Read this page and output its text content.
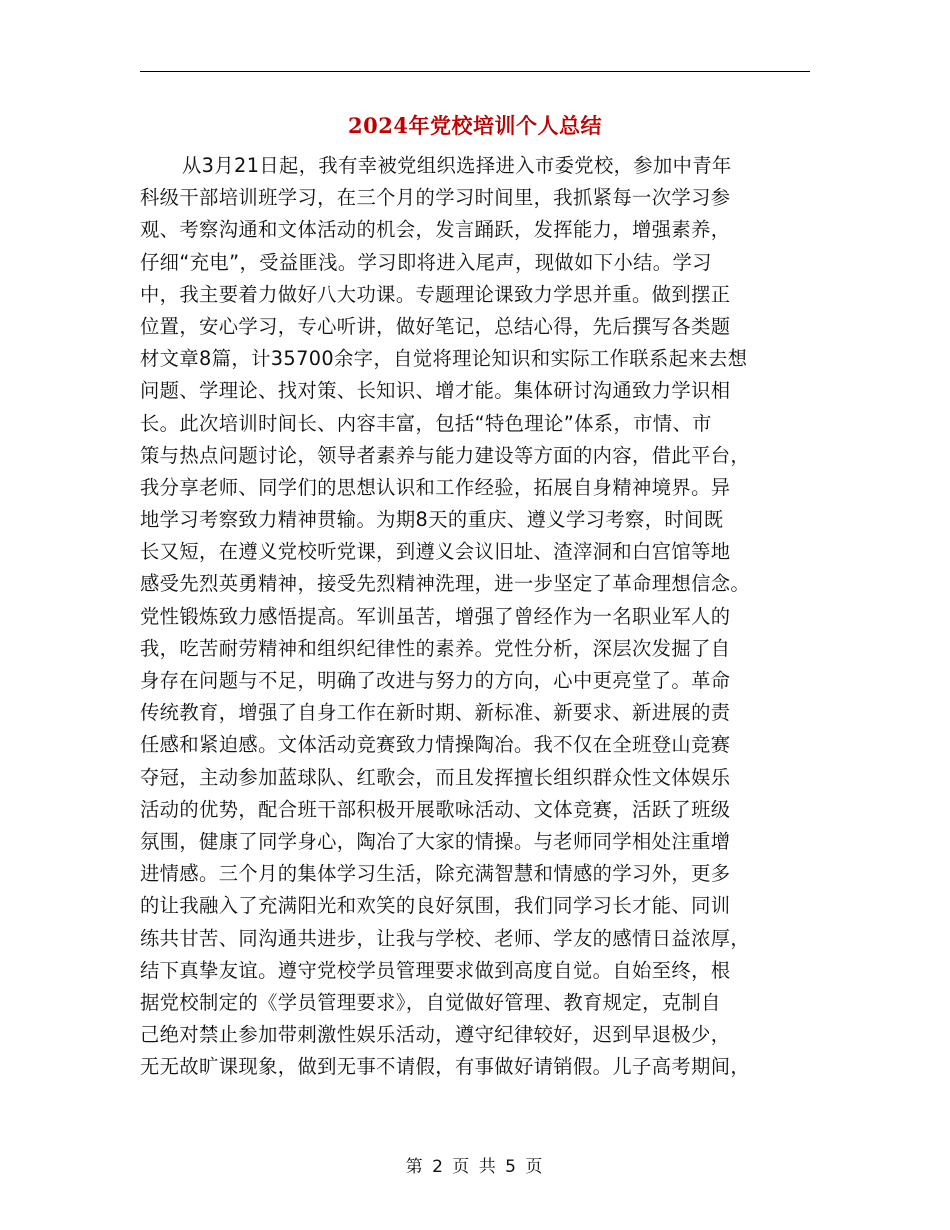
2024年党校培训个人总结
从3月21日起，我有幸被党组织选择进入市委党校，参加中青年
科级干部培训班学习，在三个月的学习时间里，我抓紧每一次学习参
观、考察沟通和文体活动的机会，发言踊跃，发挥能力，增强素养，
仔细“充电”，受益匪浅。学习即将进入尾声，现做如下小结。学习
中，我主要着力做好八大功课。专题理论课致力学思并重。做到摆正
位置，安心学习，专心听讲，做好笔记，总结心得，先后撰写各类题
材文章8篇，计35700余字，自觉将理论知识和实际工作联系起来去想
问题、学理论、找对策、长知识、增才能。集体研讨沟通致力学识相
长。此次培训时间长、内容丰富，包括“特色理论”体系，市情、市
策与热点问题讨论，领导者素养与能力建设等方面的内容，借此平台，
我分享老师、同学们的思想认识和工作经验，拓展自身精神境界。异
地学习考察致力精神贯输。为期8天的重庆、遵义学习考察，时间既
长又短，在遵义党校听党课，到遵义会议旧址、渣滓洞和白宫馆等地
感受先烈英勇精神，接受先烈精神洗理，进一步坚定了革命理想信念。
党性锻炼致力感悟提高。军训虽苦，增强了曾经作为一名职业军人的
我，吃苦耐劳精神和组织纪律性的素养。党性分析，深层次发掘了自
身存在问题与不足，明确了改进与努力的方向，心中更亮堂了。革命
传统教育，增强了自身工作在新时期、新标准、新要求、新进展的责
任感和紧迫感。文体活动竞赛致力情操陶冶。我不仅在全班登山竞赛
夺冠，主动参加蓝球队、红歌会，而且发挥擅长组织群众性文体娱乐
活动的优势，配合班干部积极开展歌咏活动、文体竞赛，活跃了班级
氛围，健康了同学身心，陶冶了大家的情操。与老师同学相处注重增
进情感。三个月的集体学习生活，除充满智慧和情感的学习外，更多
的让我融入了充满阳光和欢笑的良好氛围，我们同学习长才能、同训
练共甘苦、同沟通共进步，让我与学校、老师、学友的感情日益浓厚，
结下真挚友谊。遵守党校学员管理要求做到高度自觉。自始至终，根
据党校制定的《学员管理要求》，自觉做好管理、教育规定，克制自
己绝对禁止参加带刺激性娱乐活动，遵守纪律较好，迟到早退极少，
无无故旷课现象，做到无事不请假，有事做好请销假。儿子高考期间，
第 2 页 共 5 页
